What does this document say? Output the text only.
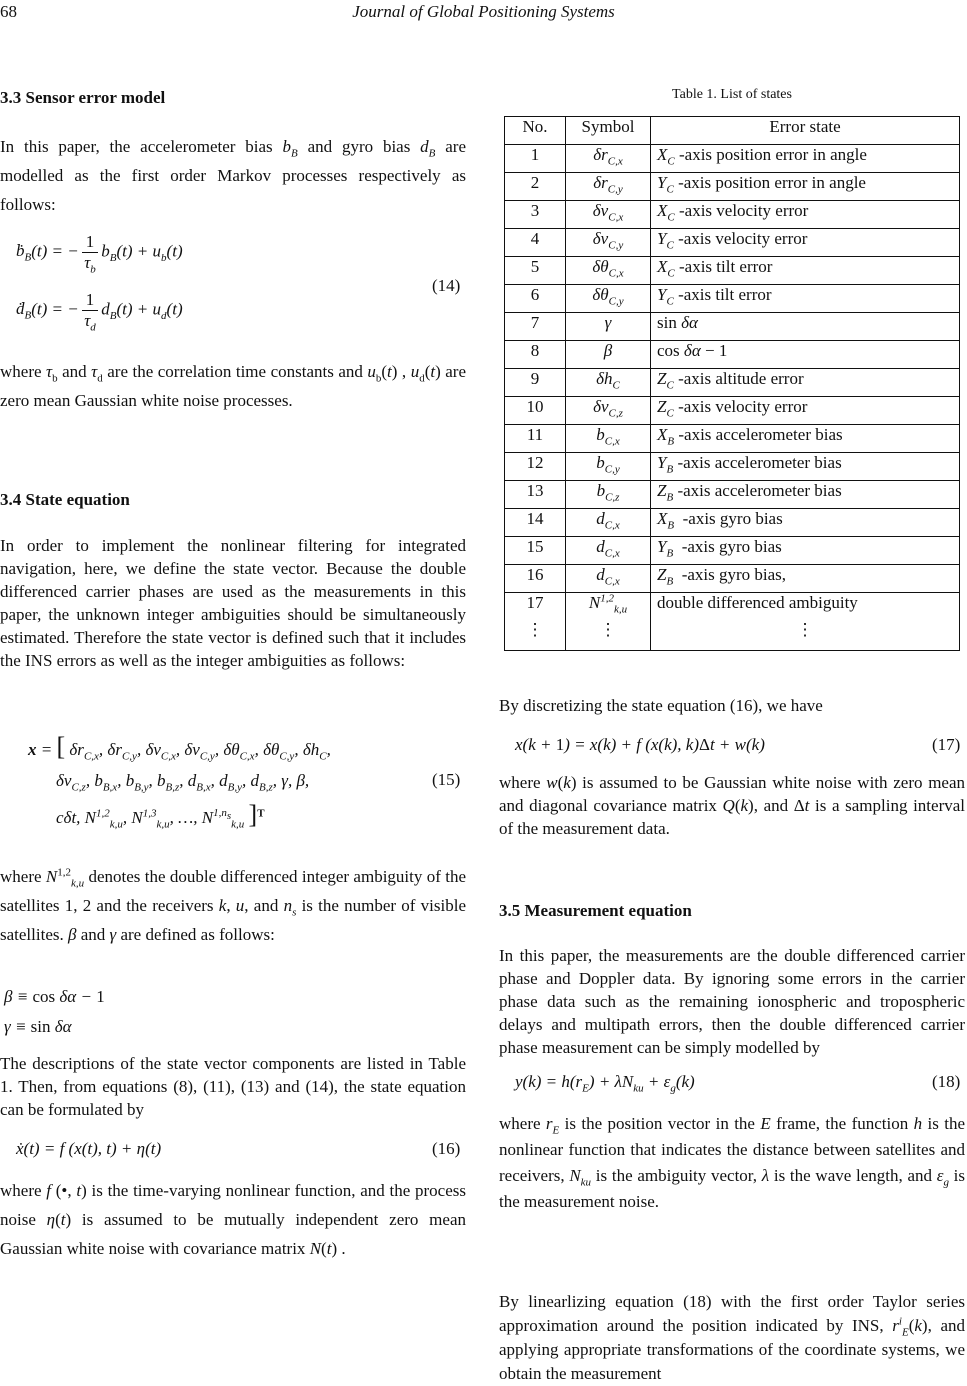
68	Journal of Global Positioning Systems
3.3 Sensor error model

In this paper, the accelerometer bias $b_B$ and gyro bias $d_B$ are modelled as the first order Markov processes respectively as follows:

ḃ$_B$(t) = − $\frac{1}{\tau_b} b_B(t) + u_b(t)$
ḋ$_B$(t) = − $\frac{1}{\tau_d} d_B(t) + u_d(t)$
(14)

where $\tau_b$ and $\tau_d$ are the correlation time constants and $u_b(t)$ , $u_d(t)$ are zero mean Gaussian white noise processes.

3.4 State equation

In order to implement the nonlinear filtering for integrated navigation, here, we define the state vector. Because the double differenced carrier phases are used as the measurements in this paper, the unknown integer ambiguities should be simultaneously estimated. Therefore the state vector is defined such that it includes the INS errors as well as the integer ambiguities as follows:

x = [ $\delta r_{C,x}$, $\delta r_{C,y}$, $\delta v_{C,x}$, $\delta v_{C,y}$, $\delta\theta_{C,x}$, $\delta\theta_{C,y}$, $\delta h_C$,
$\delta v_{C,z}$, $b_{B,x}$, $b_{B,y}$, $b_{B,z}$, $d_{B,x}$, $d_{B,y}$, $d_{B,z}$, γ, β,
cδt, N$^{1,2}_{k,u}$, N$^{1,3}_{k,u}$, …, $N^{1,n_s}_{k,u}$ ]$^T$
(15)

where N$^{1,2}_{k,u}$ denotes the double differenced integer ambiguity of the satellites 1, 2 and the receivers k, u, and $n_s$ is the number of visible satellites. β and γ are defined as follows:

β ≡ cos δα − 1
γ ≡ sin δα

The descriptions of the state vector components are listed in Table 1. Then, from equations (8), (11), (13) and (14), the state equation can be formulated by

ẋ(t) = f (x(t), t) + η(t)	(16)

where f (•, t) is the time-varying nonlinear function, and the process noise η(t) is assumed to be mutually independent zero mean Gaussian white noise with covariance matrix N(t) .

Table 1. List of states
No.	Symbol	Error state
1	$\delta r_{C,x}$	$X_C$ -axis position error in angle
2	$\delta r_{C,y}$	$Y_C$ -axis position error in angle
3	$\delta v_{C,x}$	$X_C$ -axis velocity error
4	$\delta v_{C,y}$	$Y_C$ -axis velocity error
5	$\delta\theta_{C,x}$	$X_C$ -axis tilt error
6	$\delta\theta_{C,y}$	$Y_C$ -axis tilt error
7	γ	sin δα
8	β	cos δα − 1
9	$\delta h_C$	$Z_C$ -axis altitude error
10	$\delta v_{C,z}$	$Z_C$ -axis velocity error
11	$b_{C,x}$	$X_B$ -axis accelerometer bias
12	$b_{C,y}$	$Y_B$ -axis accelerometer bias
13	$b_{C,z}$	$Z_B$ -axis accelerometer bias
14	$d_{C,x}$	$X_B$  -axis gyro bias
15	$d_{C,x}$	$Y_B$  -axis gyro bias
16	$d_{C,x}$	$Z_B$  -axis gyro bias,
17	N$^{1,2}_{k,u}$	double differenced ambiguity
⋮	⋮	⋮

By discretizing the state equation (16), we have

x(k + 1) = x(k) + f (x(k), k)Δt + w(k)	(17)

where w(k) is assumed to be Gaussian white noise with zero mean and diagonal covariance matrix Q(k), and Δt is a sampling interval of the measurement data.

3.5 Measurement equation

In this paper, the measurements are the double differenced carrier phase and Doppler data. By ignoring some errors in the carrier phase data such as the remaining ionospheric and tropospheric delays and multipath errors, then the double differenced carrier phase measurement can be simply modelled by

$y(k) = h(r_E) + \lambda N_{ku} + \varepsilon_g(k)$	(18)

where $r_E$ is the position vector in the E frame, the function h is the nonlinear function that indicates the distance between satellites and receivers, $N_{ku}$ is the ambiguity vector, λ is the wave length, and $\varepsilon_g$ is the measurement noise.

By linearlizing equation (18) with the first order Taylor series approximation around the position indicated by INS, $r^i_E(k)$, and applying appropriate transformations of the coordinate systems, we obtain the measurement
